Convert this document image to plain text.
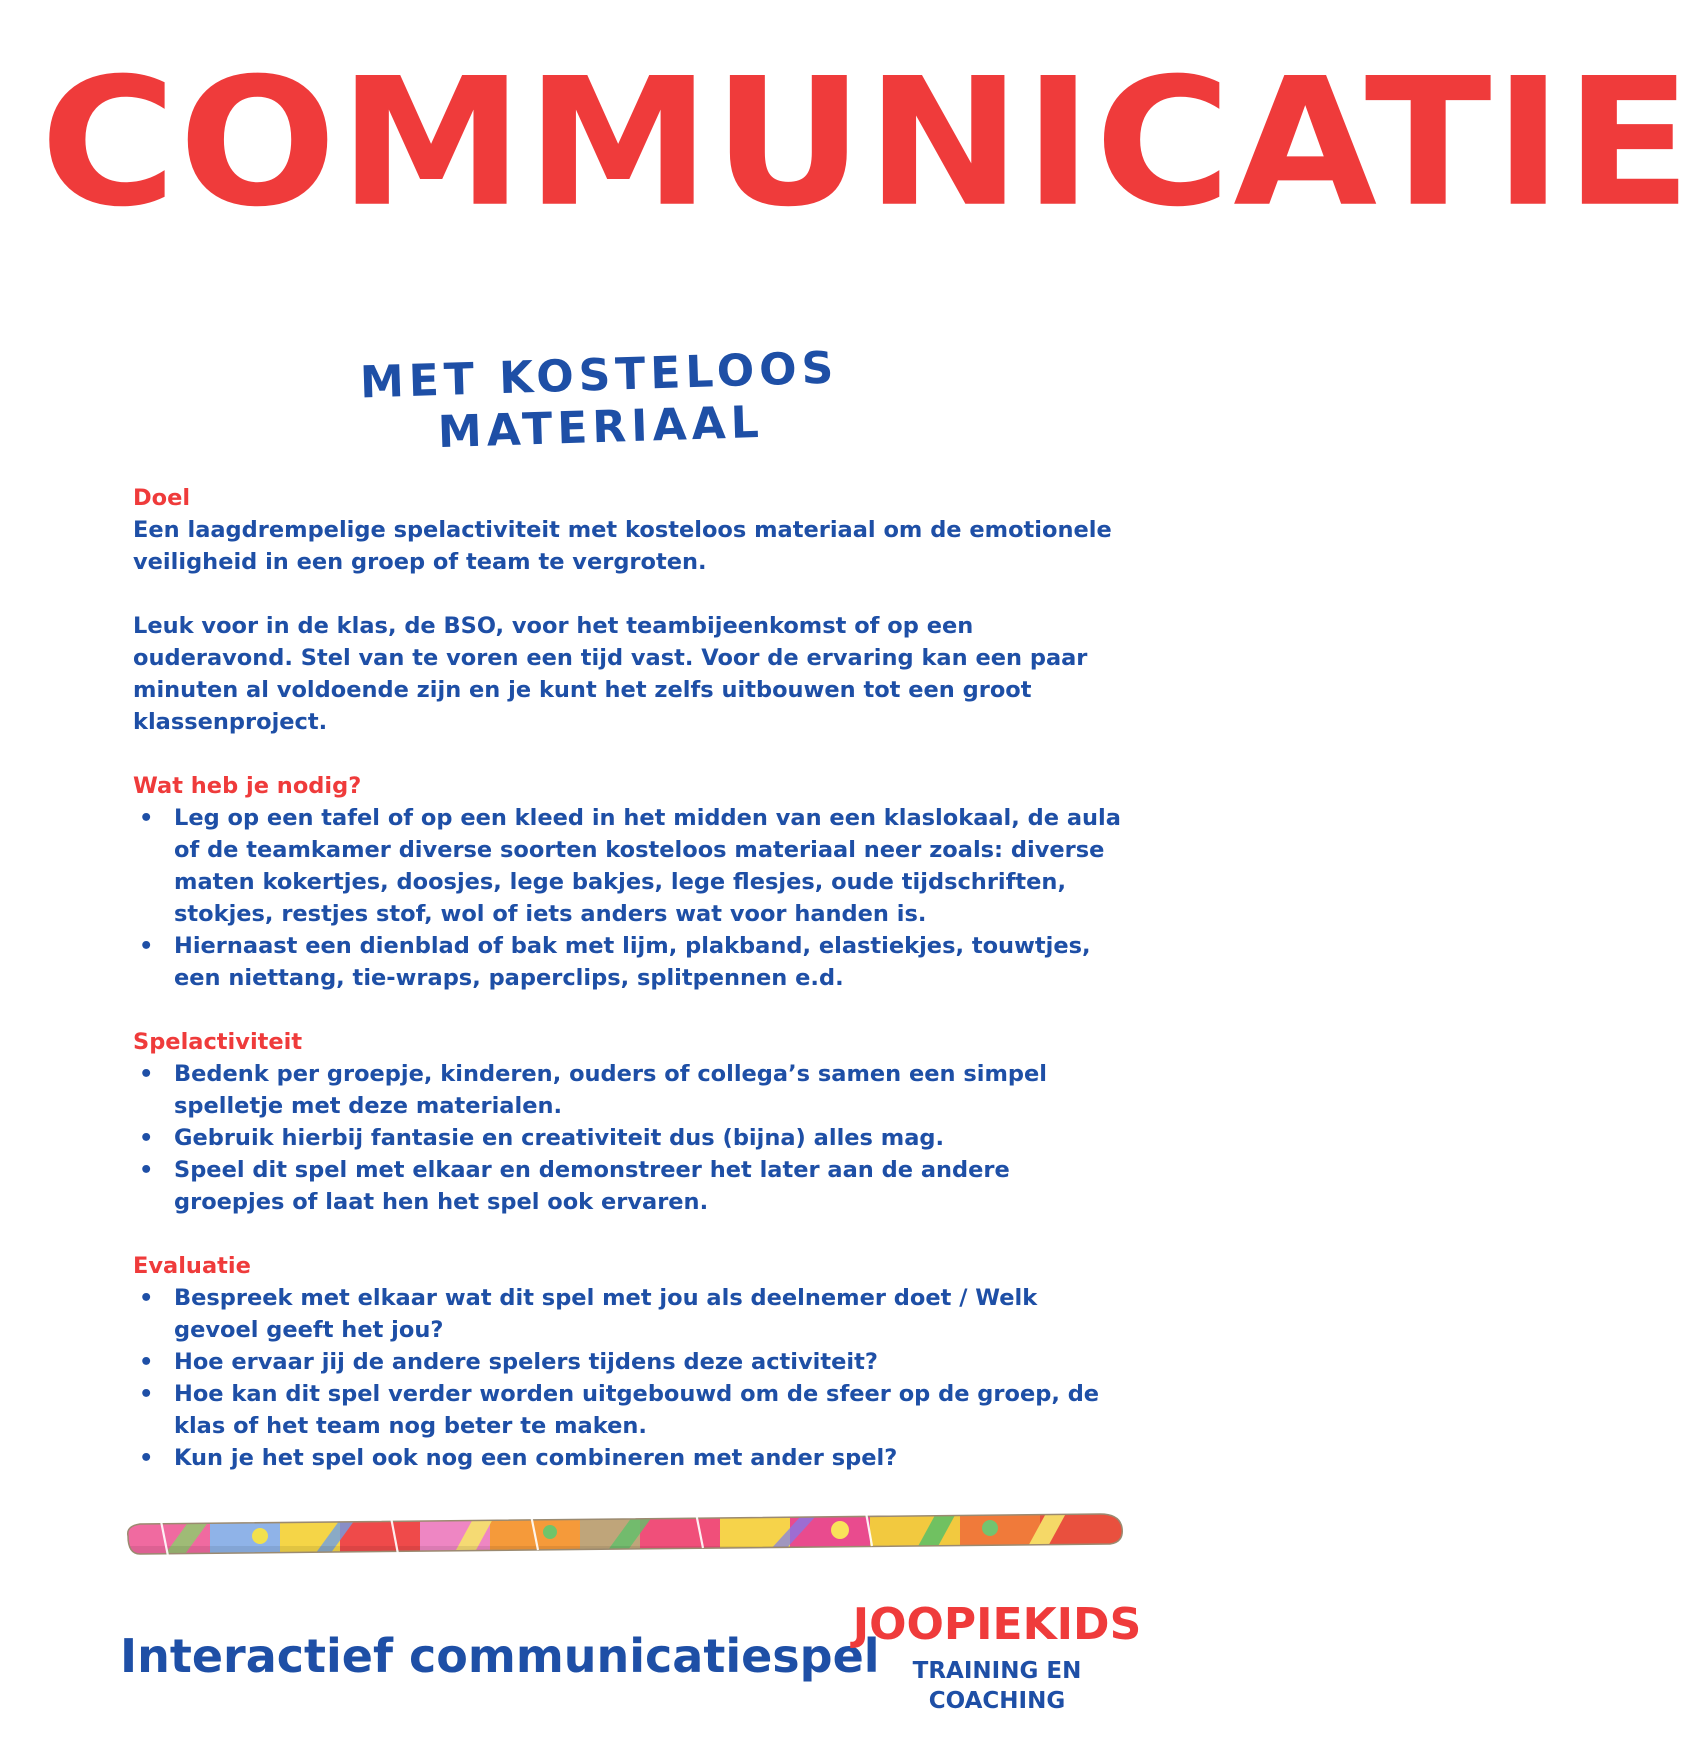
COMMUNICATIE
MET KOSTELOOS MATERIAAL

Doel

Een laagdrempelige spelactiviteit met kosteloos materiaal om de emotionele veiligheid in een groep of team te vergroten.

Leuk voor in de klas, de BSO, voor het teambijeenkomst of op een ouderavond. Stel van te voren een tijd vast. Voor de ervaring kan een paar minuten al voldoende zijn en je kunt het zelfs uitbouwen tot een groot klassenproject.

Wat heb je nodig?

• Leg op een tafel of op een kleed in het midden van een klaslokaal, de aula of de teamkamer diverse soorten kosteloos materiaal neer zoals: diverse maten kokertjes, doosjes, lege bakjes, lege flesjes, oude tijdschriften, stokjes, restjes stof, wol of iets anders wat voor handen is.
• Hiernaast een dienblad of bak met lijm, plakband, elastiekjes, touwtjes, een niettang, tie-wraps, paperclips, splitpennen e.d.

Spelactiviteit

• Bedenk per groepje, kinderen, ouders of collega’s samen een simpel spelletje met deze materialen.
• Gebruik hierbij fantasie en creativiteit dus (bijna) alles mag.
• Speel dit spel met elkaar en demonstreer het later aan de andere groepjes of laat hen het spel ook ervaren.

Evaluatie

• Bespreek met elkaar wat dit spel met jou als deelnemer doet / Welk gevoel geeft het jou?
• Hoe ervaar jij de andere spelers tijdens deze activiteit?
• Hoe kan dit spel verder worden uitgebouwd om de sfeer op de groep, de klas of het team nog beter te maken.
• Kun je het spel ook nog een combineren met ander spel?
Interactief communicatiespel
JOOPIEKIDS
TRAINING EN COACHING
